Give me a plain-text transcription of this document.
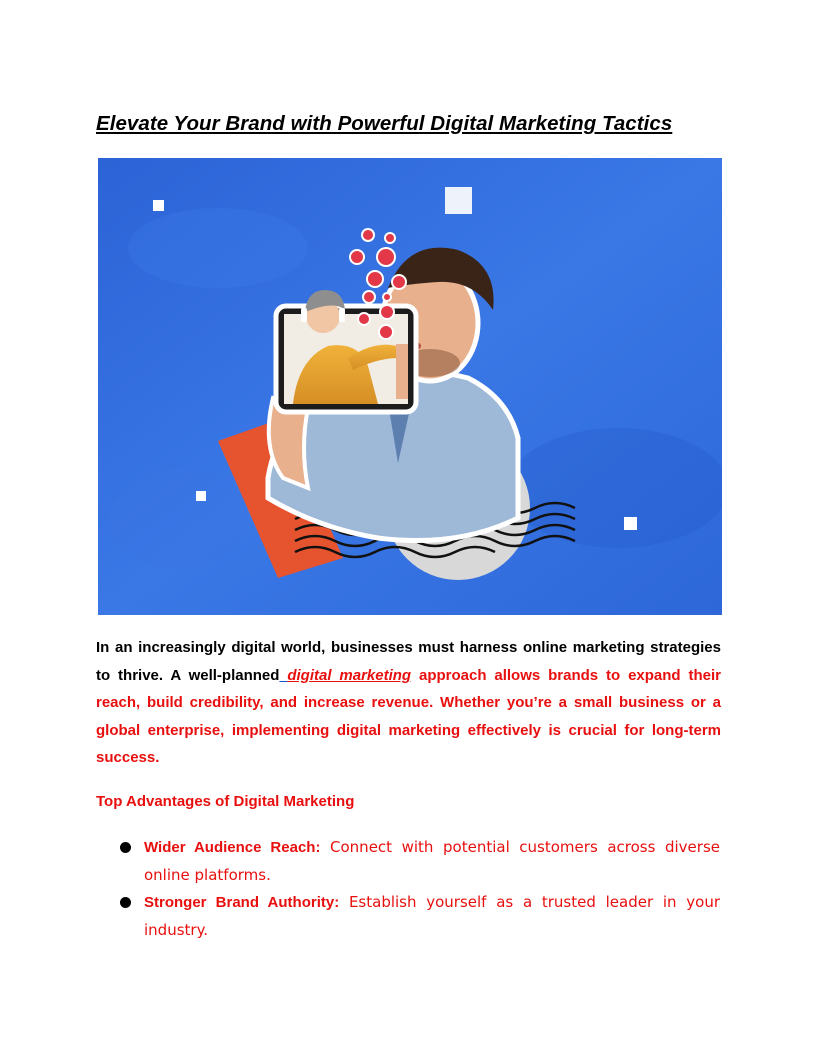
Elevate Your Brand with Powerful Digital Marketing Tactics

In an increasingly digital world, businesses must harness online marketing strategies to thrive. A well-planned digital marketing approach allows brands to expand their reach, build credibility, and increase revenue. Whether you’re a small business or a global enterprise, implementing digital marketing effectively is crucial for long-term success.

Top Advantages of Digital Marketing
Wider Audience Reach: Connect with potential customers across diverse online platforms.
Stronger Brand Authority: Establish yourself as a trusted leader in your industry.
